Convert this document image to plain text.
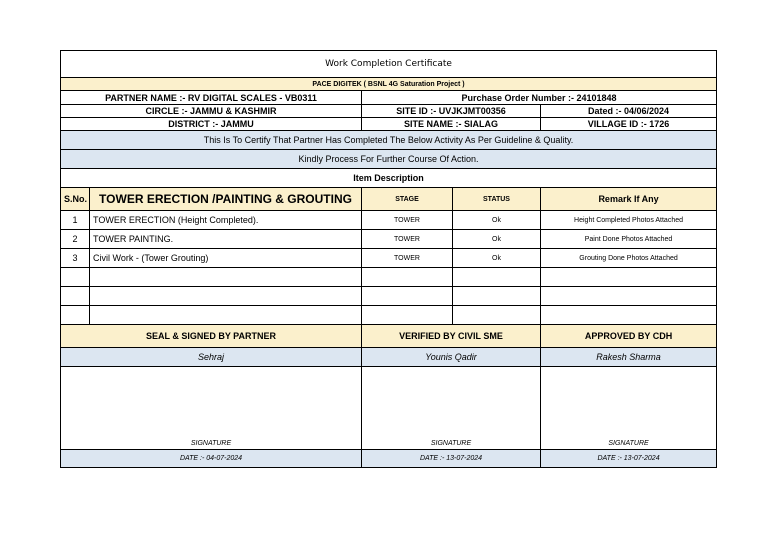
Work Completion Certificate				
PACE DIGITEK ( BSNL 4G Saturation Project )				
PARTNER NAME :- RV DIGITAL SCALES - VB0311		Purchase Order Number :- 24101848		
CIRCLE :- JAMMU & KASHMIR		SITE ID :- UVJKJMT00356		Dated :- 04/06/2024
DISTRICT :- JAMMU		SITE NAME :- SIALAG		VILLAGE ID :- 1726
This Is To Certify That Partner Has Completed The Below Activity As Per Guideline & Quality.				
Kindly Process For Further Course Of Action.				
Item Description				
S.No.	TOWER ERECTION /PAINTING & GROUTING	STAGE	STATUS	Remark If Any
1	TOWER ERECTION (Height Completed).	TOWER	Ok	Height Completed Photos Attached
2	TOWER PAINTING.	TOWER	Ok	Paint Done Photos Attached
3	Civil Work - (Tower Grouting)	TOWER	Ok	Grouting Done Photos Attached

SEAL & SIGNED BY PARTNER		VERIFIED BY CIVIL SME		APPROVED BY CDH
Sehraj		Younis Qadir		Rakesh Sharma
SIGNATURE		SIGNATURE		SIGNATURE
DATE :- 04-07-2024		DATE :- 13-07-2024		DATE :- 13-07-2024
